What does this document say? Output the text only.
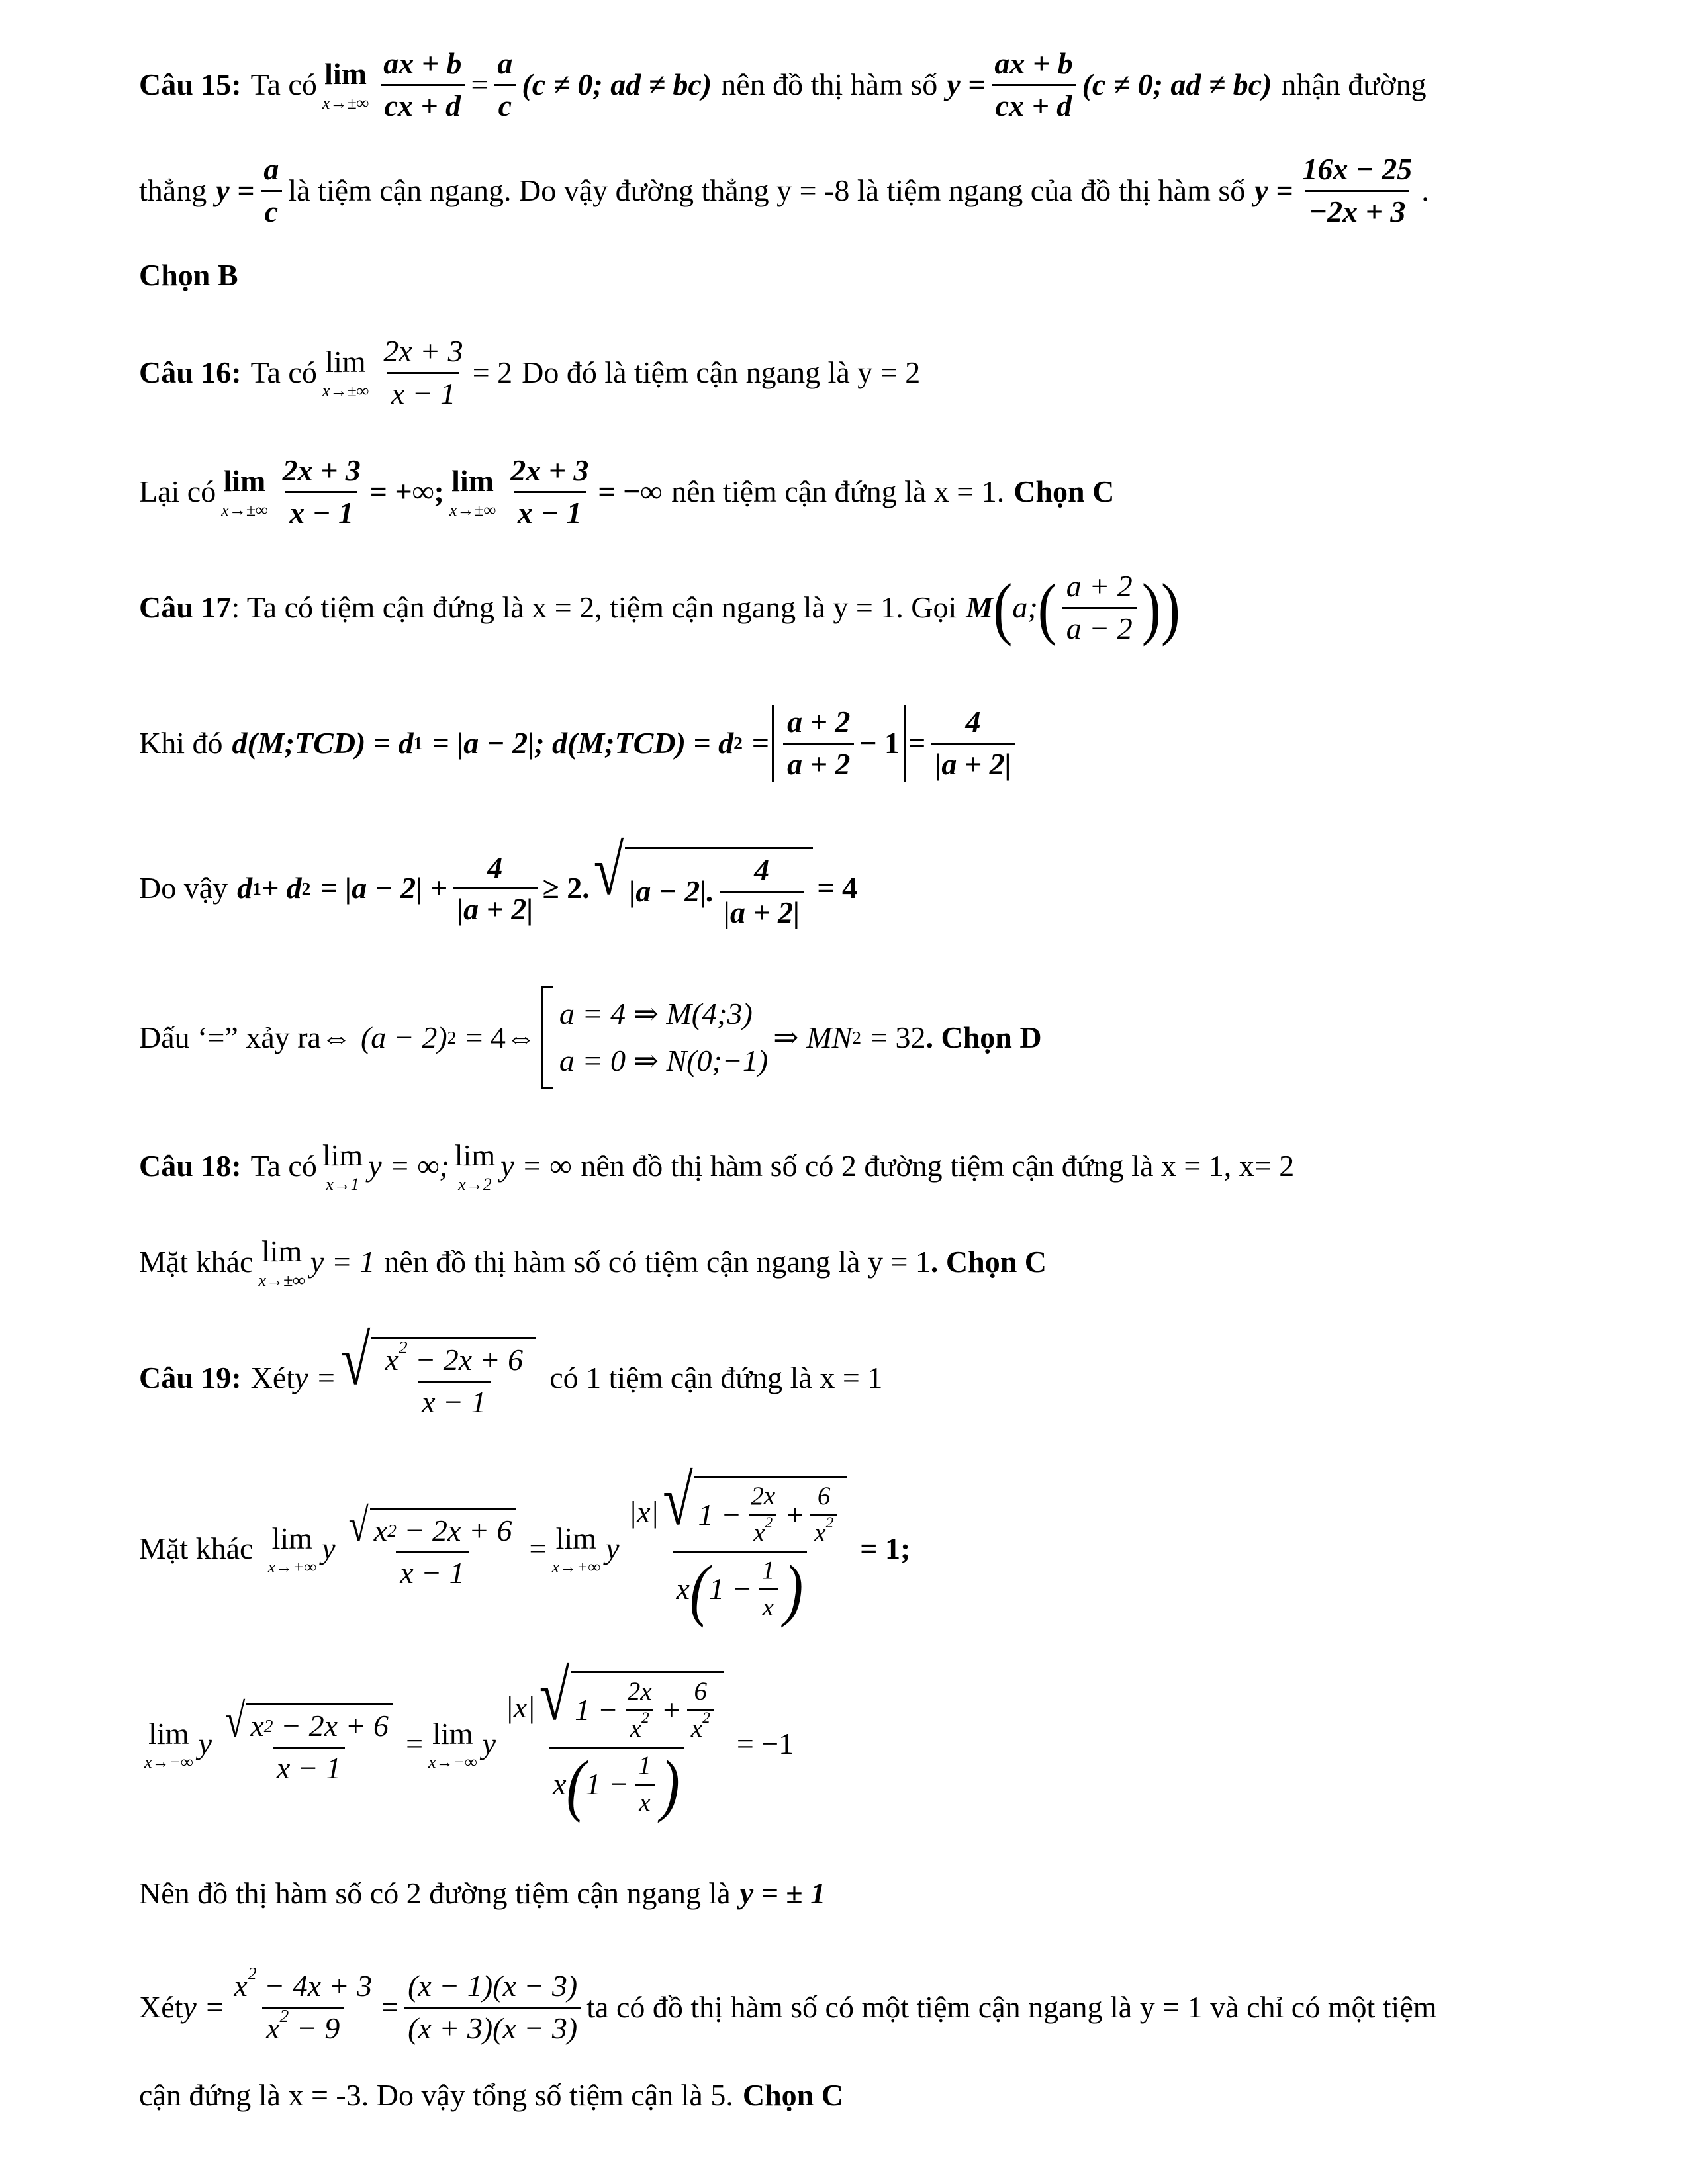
Câu 15: Ta có lim
$x\to\pm\infty \frac{ax + b}{cx + d} = \frac{a}{c} (c \ne 0$; ad ≠ bc) nên đồ thị hàm số $y = \frac{ax + b}{cx + d} (c \ne 0$; ad ≠ bc) nhận đường
thẳng $y = \frac{a}{c}$ là tiệm cận ngang. Do vậy đường thẳng y = -8 là tiệm ngang của đồ thị hàm số $y = \frac{16x - 25}{-2x + 3}$ .
Chọn B
Câu 16: Ta có lim
$x\to\pm\infty \frac{2x + 3}{x - 1} = 2$ Do đó là tiệm cận ngang là y = 2
Lại có lim
$x\to\pm\infty \frac{2x + 3}{x - 1}$ = +∞; lim
$x\to\pm\infty \frac{2x + 3}{x - 1}$ = −∞ nên tiệm cận đứng là x = 1. Chọn C
Câu 17 : Ta có tiệm cận đứng là x = 2, tiệm cận ngang là y = 1. Gọi M ( a; ( $\frac{a + 2}{a - 2}$ ))
Khi đó d(M;TCD) = d 1 = |a − 2|; d(M;TCD) = d $2 = \frac{a + 2}{a + 2} - 1 = \frac{4}{|a + 2|}$
Do vậy d 1 + d $2 = |a - 2| + \frac{4}{|a + 2|} \ge 2$. √ |a − 2|. $\frac{4}{|a + 2|} = 4$
Dấu ‘=” xảy ra ⇔ (a − 2) 2 = 4 ⇔
a = 4 ⇒ M(4;3)
a = 0 ⇒ N(0;−1)
⇒ MN 2 = 32 . Chọn D
Câu 18: Ta có lim
x→1
y = ∞; lim
x→2
y = ∞ nên đồ thị hàm số có 2 đường tiệm cận đứng là x = 1, x= 2
Mặt khác lim
x→±∞
y = 1 nên đồ thị hàm số có tiệm cận ngang là y = 1 . Chọn C
Câu 19: Xét y = √ $\frac{x^2 - 2x + 6}{x - 1}$ có 1 tiệm cận đứng là x = 1
Mặt khác lim
x→+∞
y √ x 2
− 2x + 6
x − 1 = lim
x→+∞
y $\frac{|x| √ 1 - \frac{2x}{x^2} + \frac{6}{x^2}}{x ( 1 - \frac{1}{x} )} = 1$;
lim
x→−∞
y √ x 2
− 2x + 6
x − 1 = lim
x→−∞
y $\frac{|x| √ 1 - \frac{2x}{x^2} + \frac{6}{x^2}}{x ( 1 - \frac{1}{x} )} = -1$
Nên đồ thị hàm số có 2 đường tiệm cận ngang là y = ± 1
Xét $y = \frac{x^2 - 4x + 3}{x^2 - 9} = \frac{(x - 1)(x - 3)}{(x + 3)(x - 3)}$ ta có đồ thị hàm số có một tiệm cận ngang là y = 1 và chỉ có một tiệm
cận đứng là x = -3. Do vậy tổng số tiệm cận là 5. Chọn C
